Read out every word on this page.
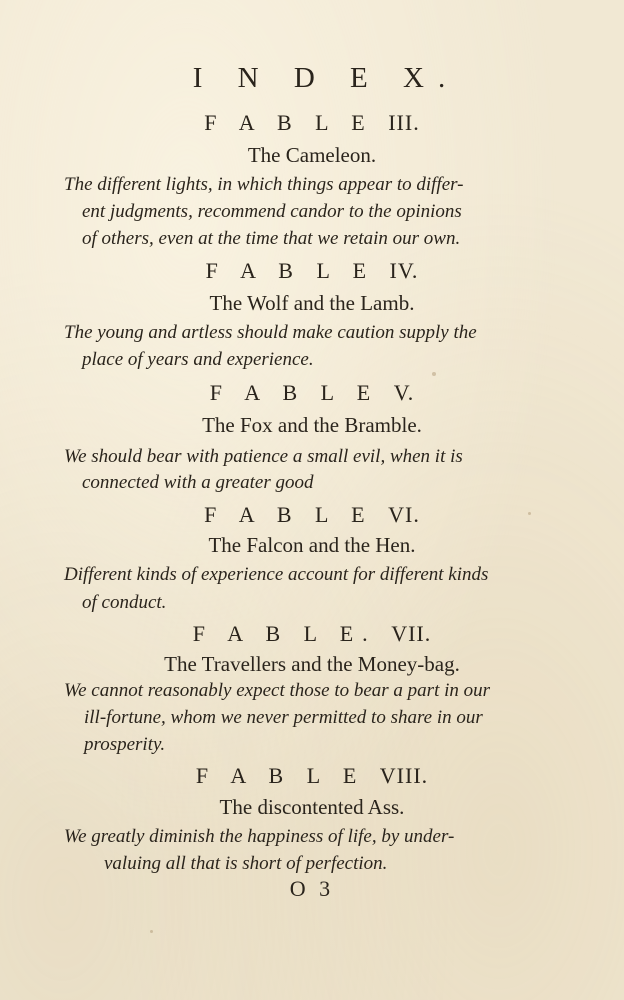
I N D E X.
F A B L E III.
The Cameleon.
The different lights, in which things appear to differ-
ent judgments, recommend candor to the opinions
of others, even at the time that we retain our own.
F A B L E IV.
The Wolf and the Lamb.
The young and artless should make caution supply the
place of years and experience.
F A B L E V.
The Fox and the Bramble.
We should bear with patience a small evil, when it is
connected with a greater good
F A B L E VI.
The Falcon and the Hen.
Different kinds of experience account for different kinds
of conduct.
F A B L E. VII.
The Travellers and the Money-bag.
We cannot reasonably expect those to bear a part in our
ill-fortune, whom we never permitted to share in our
prosperity.
F A B L E VIII.
The discontented Ass.
We greatly diminish the happiness of life, by under-
valuing all that is short of perfection.
O 3
